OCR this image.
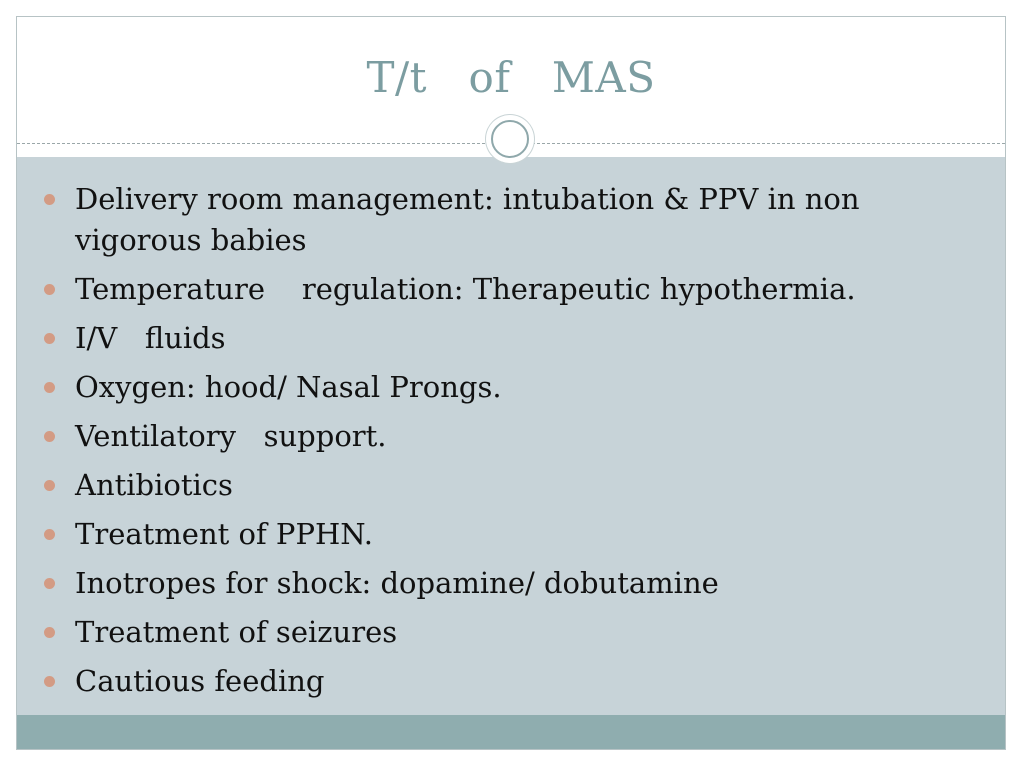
T/t   of   MAS
Delivery room management: intubation & PPV in non vigorous babies
Temperature    regulation: Therapeutic hypothermia.
I/V   fluids
Oxygen: hood/ Nasal Prongs.
Ventilatory   support.
Antibiotics
Treatment of PPHN.
Inotropes for shock: dopamine/ dobutamine
Treatment of seizures
Cautious feeding
